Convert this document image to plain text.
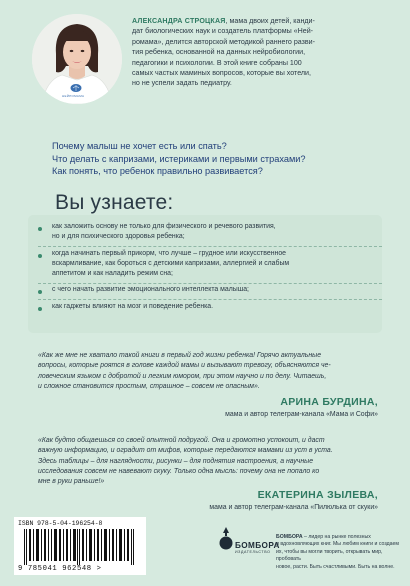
НЕЙРОМАМА
АЛЕКСАНДРА СТРОЦКАЯ, мама двоих детей, канди-
дат биологических наук и создатель платформы «Ней-
ромама», делится авторской методикой раннего разви-
тия ребенка, основанной на данных нейробиологии,
педагогики и психологии. В этой книге собраны 100
самых частых маминых вопросов, которые вы хотели,
но не успели задать педиатру.
Почему малыш не хочет есть или спать?
Что делать с капризами, истериками и первыми страхами?
Как понять, что ребенок правильно развивается?
Вы узнаете:
как заложить основу не только для физического и речевого развития,
но и для психического здоровья ребенка;
когда начинать первый прикорм, что лучше – грудное или искусственное
вскармливание, как бороться с детскими капризами, аллергией и слабым
аппетитом и как наладить режим сна;
с чего начать развитие эмоционального интеллекта малыша;
как гаджеты влияют на мозг и поведение ребенка.
«Как же мне не хватало такой книги в первый год жизни ребенка! Горячо актуальные
вопросы, которые роятся в голове каждой мамы и вызывают тревогу, объясняются че-
ловеческим языком с добротой и легким юмором, при этом научно и по делу. Читаешь,
и сложное становится простым, страшное – совсем не опасным».
АРИНА БУРДИНА,
мама и автор телеграм-канала «Мама и Софи»
«Как будто общаешься со своей опытной подругой. Она и громотно успокоит, и даст
важную информацию, и оградит от мифов, которые передаются мамами из уст в уста.
Здесь таблицы – для наглядности, рисунки – для поднятия настроения, а научные
исследования совсем не навевают скуку. Только одна мысль: почему она не попало ко
мне в руки раньше!»
ЕКАТЕРИНА ЗЫЛЕВА,
мама и автор телеграм-канала «Пилюлька от скуки»
ISBN 978-5-04-196254-8
9 785041 962548 >
БОМБОРА
ИЗДАТЕЛЬСТВО
БОМБОРА – лидер на рынке полезных
и вдохновляющих книг. Мы любим книги и создаем
их, чтобы вы могли творить, открывать мир, пробовать
новое, расти. Быть счастливыми. Быть на волне.
